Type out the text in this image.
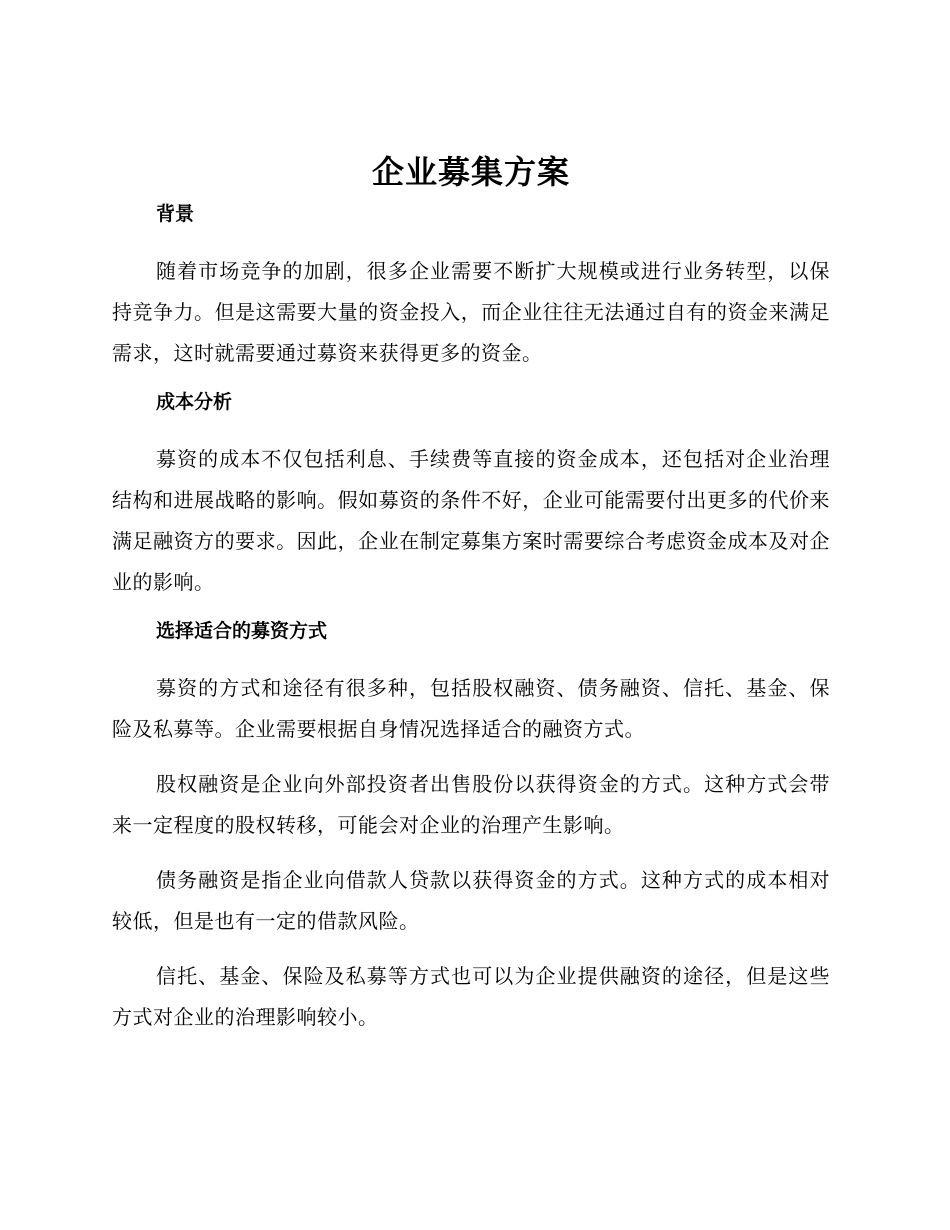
企业募集方案
背景

随着市场竞争的加剧，很多企业需要不断扩大规模或进行业务转型，以保持竞争力。但是这需要大量的资金投入，而企业往往无法通过自有的资金来满足需求，这时就需要通过募资来获得更多的资金。

成本分析

募资的成本不仅包括利息、手续费等直接的资金成本，还包括对企业治理结构和进展战略的影响。假如募资的条件不好，企业可能需要付出更多的代价来满足融资方的要求。因此，企业在制定募集方案时需要综合考虑资金成本及对企业的影响。

选择适合的募资方式

募资的方式和途径有很多种，包括股权融资、债务融资、信托、基金、保险及私募等。企业需要根据自身情况选择适合的融资方式。

股权融资是企业向外部投资者出售股份以获得资金的方式。这种方式会带来一定程度的股权转移，可能会对企业的治理产生影响。

债务融资是指企业向借款人贷款以获得资金的方式。这种方式的成本相对较低，但是也有一定的借款风险。

信托、基金、保险及私募等方式也可以为企业提供融资的途径，但是这些方式对企业的治理影响较小。
